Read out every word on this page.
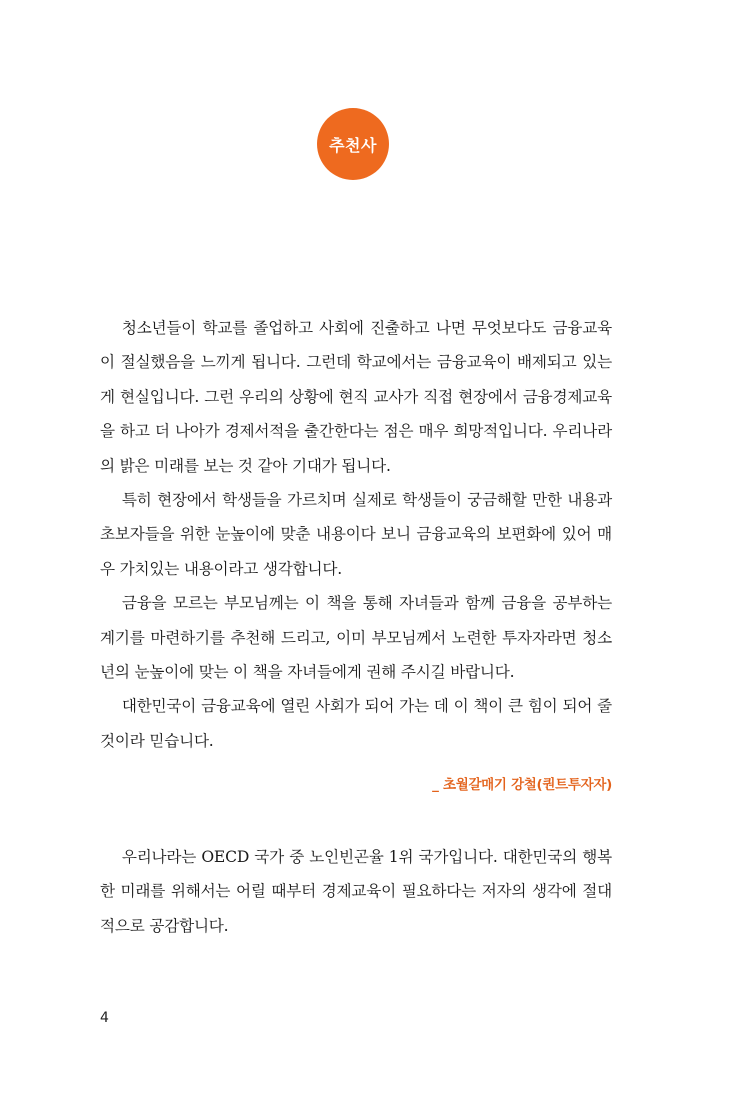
추천사

청소년들이 학교를 졸업하고 사회에 진출하고 나면 무엇보다도 금융교육이 절실했음을 느끼게 됩니다. 그런데 학교에서는 금융교육이 배제되고 있는 게 현실입니다. 그런 우리의 상황에 현직 교사가 직접 현장에서 금융경제교육을 하고 더 나아가 경제서적을 출간한다는 점은 매우 희망적입니다. 우리나라의 밝은 미래를 보는 것 같아 기대가 됩니다.

특히 현장에서 학생들을 가르치며 실제로 학생들이 궁금해할 만한 내용과 초보자들을 위한 눈높이에 맞춘 내용이다 보니 금융교육의 보편화에 있어 매우 가치있는 내용이라고 생각합니다.

금융을 모르는 부모님께는 이 책을 통해 자녀들과 함께 금융을 공부하는 계기를 마련하기를 추천해 드리고, 이미 부모님께서 노련한 투자자라면 청소년의 눈높이에 맞는 이 책을 자녀들에게 권해 주시길 바랍니다.

대한민국이 금융교육에 열린 사회가 되어 가는 데 이 책이 큰 힘이 되어 줄 것이라 믿습니다.

_ 초월갈매기 강철(퀀트투자자)

우리나라는 OECD 국가 중 노인빈곤율 1위 국가입니다. 대한민국의 행복한 미래를 위해서는 어릴 때부터 경제교육이 필요하다는 저자의 생각에 절대적으로 공감합니다.

4
